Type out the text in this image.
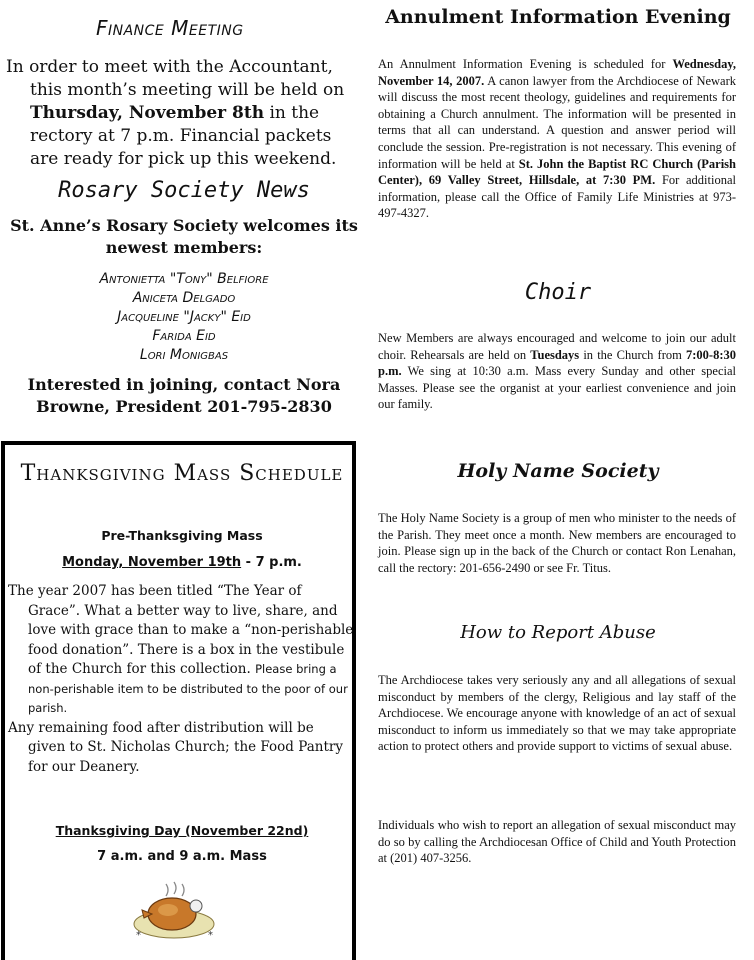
Finance Meeting
In order to meet with the Accountant, this month’s meeting will be held on Thursday, November 8th in the rectory at 7 p.m. Financial packets are ready for pick up this weekend.
Rosary Society News
St. Anne’s Rosary Society welcomes its newest members:
Antonietta "Tony" Belfiore
Aniceta Delgado
Jacqueline "Jacky" Eid
Farida Eid
Lori Monigbas
Interested in joining, contact Nora Browne, President 201-795-2830
Thanksgiving Mass Schedule
Pre-Thanksgiving Mass
Monday, November 19th - 7 p.m.

The year 2007 has been titled “The Year of Grace”. What a better way to live, share, and love with grace than to make a “non-perishable food donation”. There is a box in the vestibule of the Church for this collection. Please bring a non-perishable item to be distributed to the poor of our parish.

Any remaining food after distribution will be given to St. Nicholas Church; the Food Pantry for our Deanery.

Thanksgiving Day (November 22nd)
7 a.m. and 9 a.m. Mass
*	*
Annulment Information Evening
An Annulment Information Evening is scheduled for Wednesday, November 14, 2007. A canon lawyer from the Archdiocese of Newark will discuss the most recent theology, guidelines and requirements for obtaining a Church annulment. The information will be presented in terms that all can understand. A question and answer period will conclude the session. Pre-registration is not necessary. This evening of information will be held at St. John the Baptist RC Church (Parish Center), 69 Valley Street, Hillsdale, at 7:30 PM. For additional information, please call the Office of Family Life Ministries at 973-497-4327.
Choir
New Members are always encouraged and welcome to join our adult choir. Rehearsals are held on Tuesdays in the Church from 7:00-8:30 p.m. We sing at 10:30 a.m. Mass every Sunday and other special Masses. Please see the organist at your earliest convenience and join our family.
Holy Name Society
The Holy Name Society is a group of men who minister to the needs of the Parish. They meet once a month. New members are encouraged to join. Please sign up in the back of the Church or contact Ron Lenahan, call the rectory: 201-656-2490 or see Fr. Titus.
How to Report Abuse
The Archdiocese takes very seriously any and all allegations of sexual misconduct by members of the clergy, Religious and lay staff of the Archdiocese. We encourage anyone with knowledge of an act of sexual misconduct to inform us immediately so that we may take appropriate action to protect others and provide support to victims of sexual abuse.
Individuals who wish to report an allegation of sexual misconduct may do so by calling the Archdiocesan Office of Child and Youth Protection at (201) 407-3256.
